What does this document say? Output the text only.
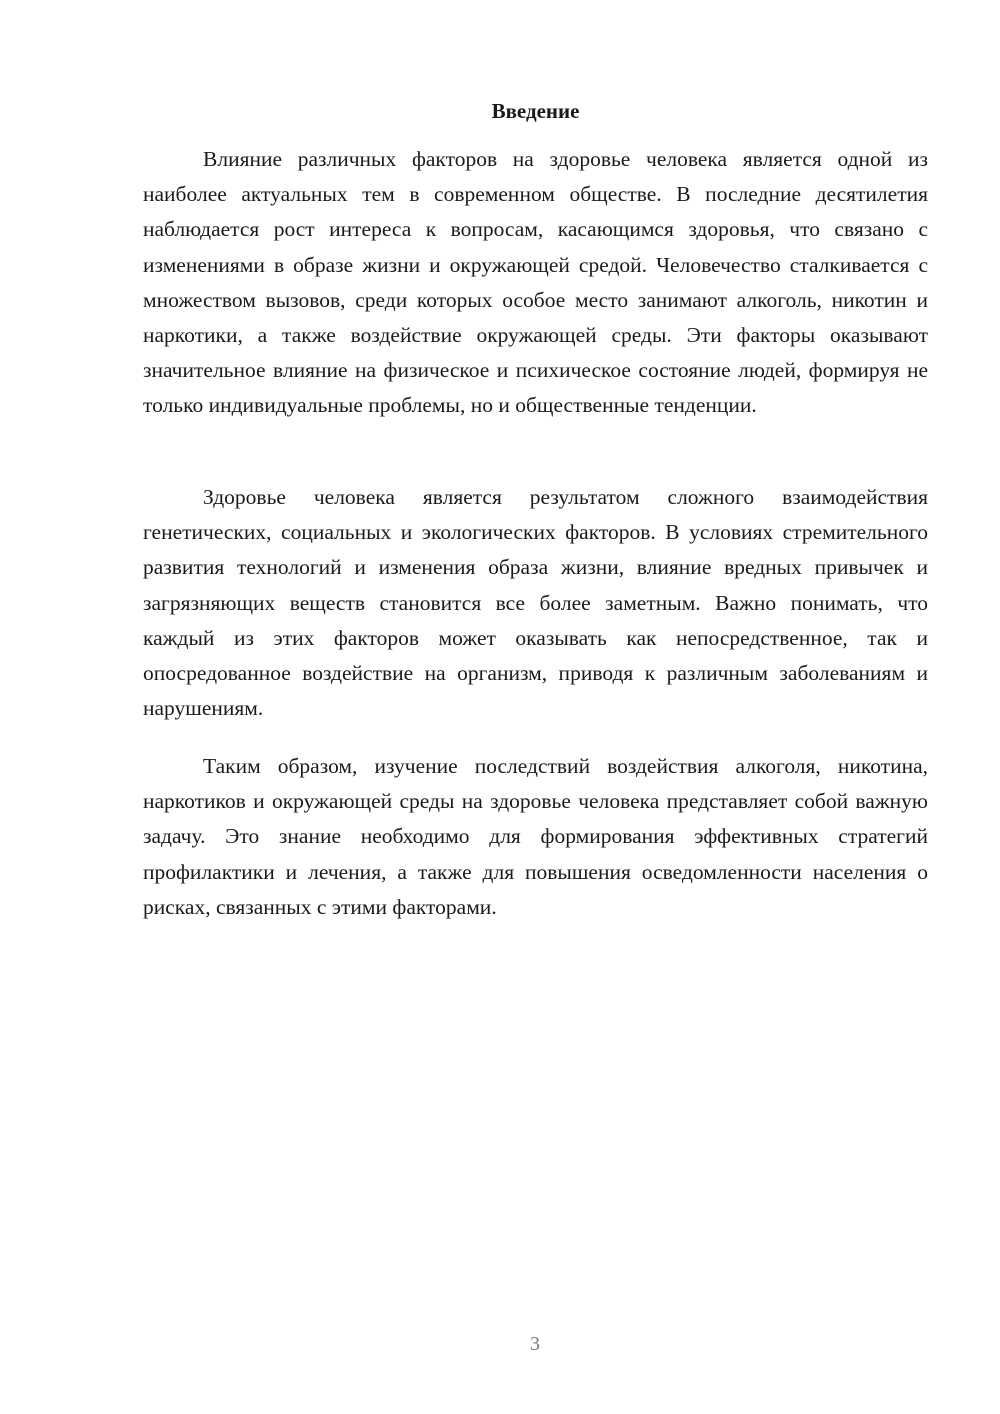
Введение

Влияние различных факторов на здоровье человека является одной из наиболее актуальных тем в современном обществе. В последние десятилетия наблюдается рост интереса к вопросам, касающимся здоровья, что связано с изменениями в образе жизни и окружающей средой. Человечество сталкивается с множеством вызовов, среди которых особое место занимают алкоголь, никотин и наркотики, а также воздействие окружающей среды. Эти факторы оказывают значительное влияние на физическое и психическое состояние людей, формируя не только индивидуальные проблемы, но и общественные тенденции.

Здоровье человека является результатом сложного взаимодействия генетических, социальных и экологических факторов. В условиях стремительного развития технологий и изменения образа жизни, влияние вредных привычек и загрязняющих веществ становится все более заметным. Важно понимать, что каждый из этих факторов может оказывать как непосредственное, так и опосредованное воздействие на организм, приводя к различным заболеваниям и нарушениям.

Таким образом, изучение последствий воздействия алкоголя, никотина, наркотиков и окружающей среды на здоровье человека представляет собой важную задачу. Это знание необходимо для формирования эффективных стратегий профилактики и лечения, а также для повышения осведомленности населения о рисках, связанных с этими факторами.

3
